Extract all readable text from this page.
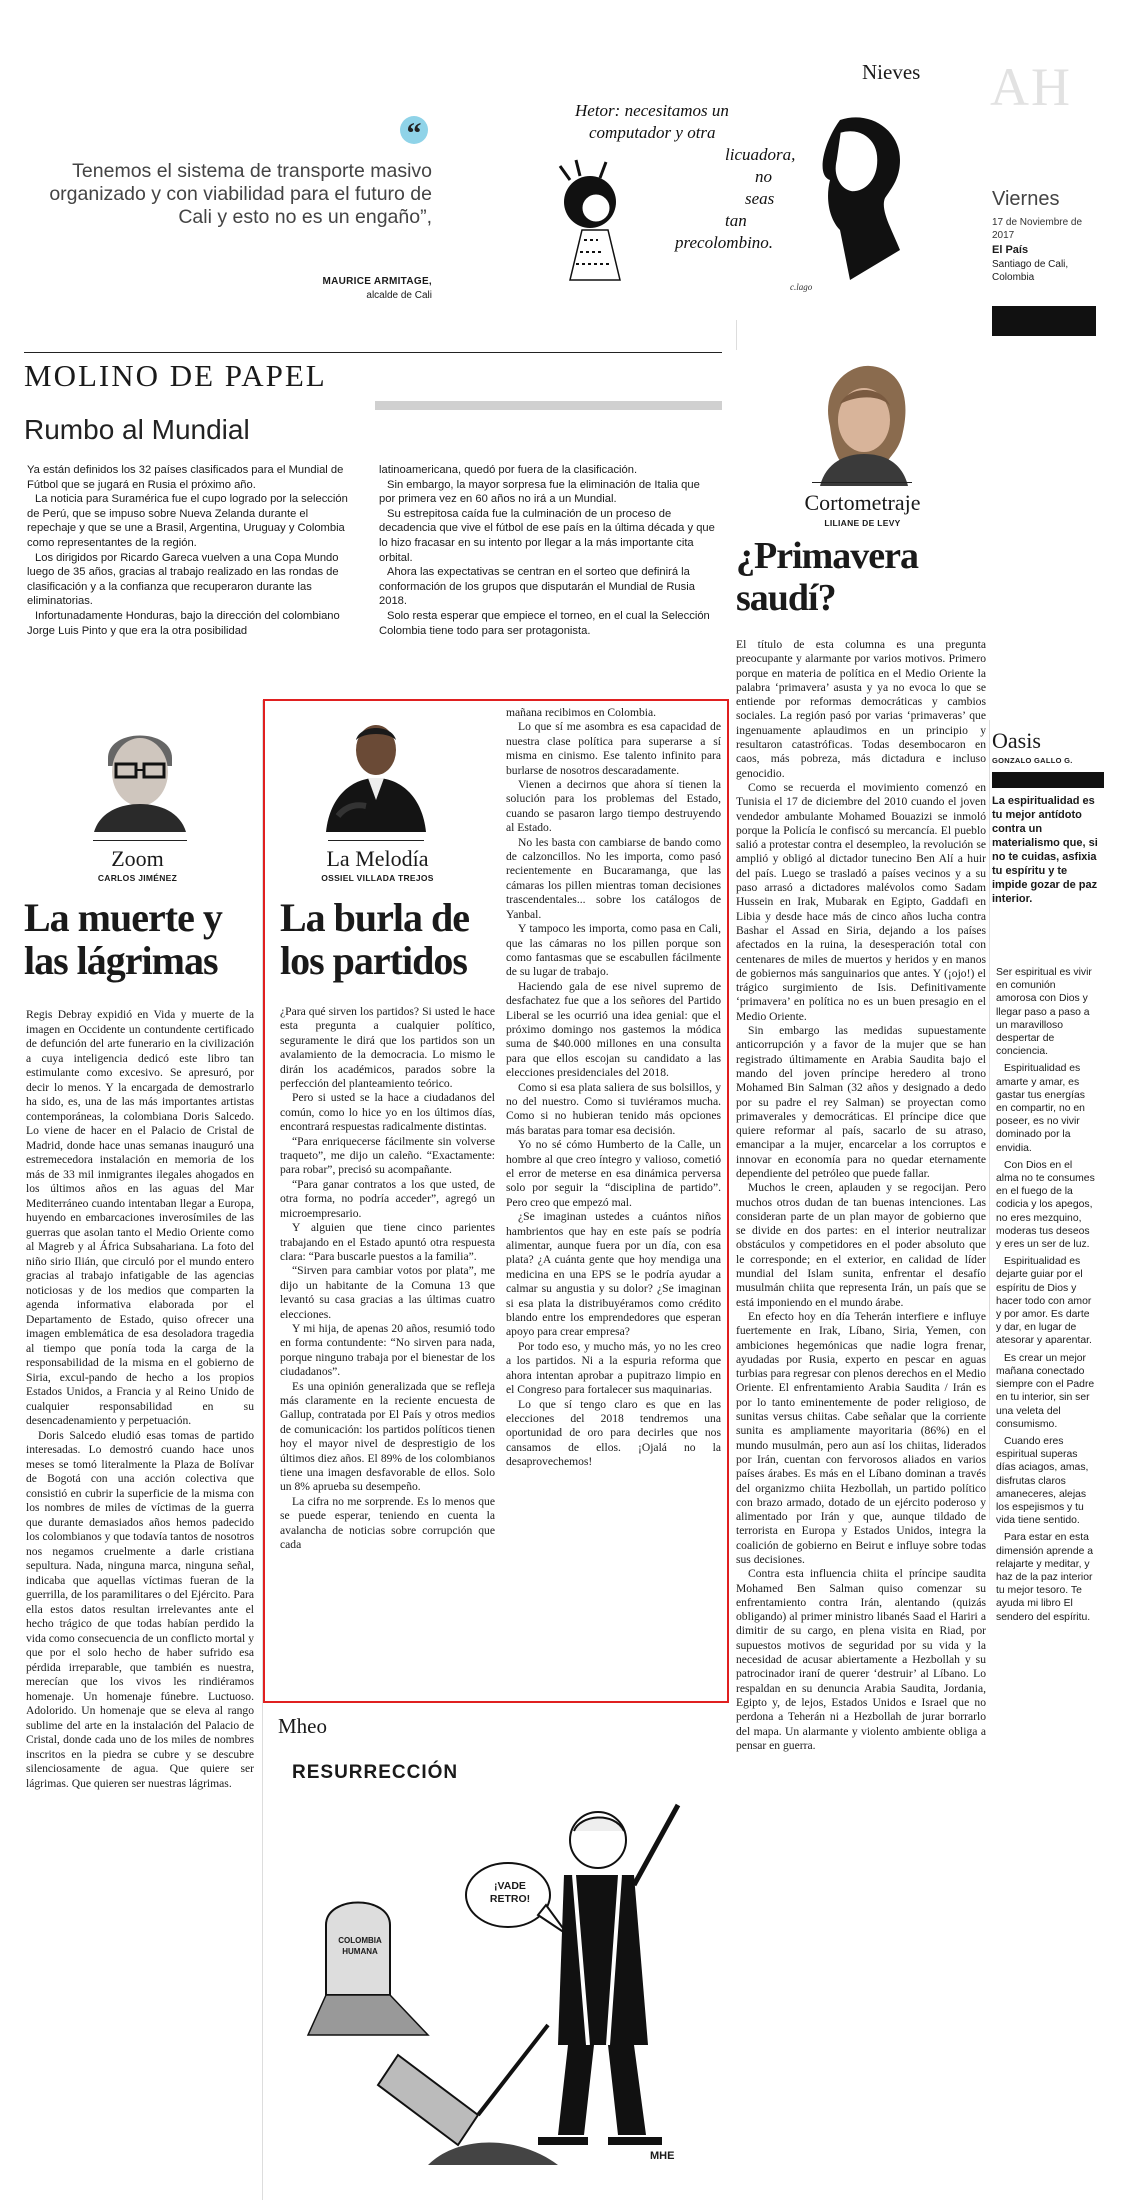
“
Tenemos el sistema de transporte masivo organizado y con viabilidad para el futuro de Cali y esto no es un engaño”,
MAURICE ARMITAGE,
alcalde de Cali
Nieves
c.lago
Hetor: necesitamos un
computador y otra
licuadora,
no
seas
tan
precolombino.
AH
Viernes
17 de Noviembre de 2017
El País
Santiago de Cali, Colombia
MOLINO DE PAPEL
Rumbo al Mundial

Ya están definidos los 32 países clasificados para el Mundial de Fútbol que se jugará en Rusia el próximo año.

La noticia para Suramérica fue el cupo logrado por la selección de Perú, que se impuso sobre Nueva Zelanda durante el repechaje y que se une a Brasil, Argentina, Uruguay y Colombia como representantes de la región.

Los dirigidos por Ricardo Gareca vuelven a una Copa Mundo luego de 35 años, gracias al trabajo realizado en las rondas de clasificación y a la confianza que recuperaron durante las eliminatorias.

Infortunadamente Honduras, bajo la dirección del colombiano Jorge Luis Pinto y que era la otra posibilidad

latinoamericana, quedó por fuera de la clasificación.

Sin embargo, la mayor sorpresa fue la eliminación de Italia que por primera vez en 60 años no irá a un Mundial.

Su estrepitosa caída fue la culminación de un proceso de decadencia que vive el fútbol de ese país en la última década y que lo hizo fracasar en su intento por llegar a la más importante cita orbital.

Ahora las expectativas se centran en el sorteo que definirá la conformación de los grupos que disputarán el Mundial de Rusia 2018.

Solo resta esperar que empiece el torneo, en el cual la Selección Colombia tiene todo para ser protagonista.

Cortometraje
LILIANE DE LEVY
¿Primavera saudí?

El título de esta columna es una pregunta preocupante y alarmante por varios motivos. Primero porque en materia de política en el Medio Oriente la palabra ‘primavera’ asusta y ya no evoca lo que se entiende por reformas democráticas y cambios sociales. La región pasó por varias ‘primaveras’ que ingenuamente aplaudimos en un principio y resultaron catastróficas. Todas desembocaron en caos, más pobreza, más dictadura e incluso genocidio.

Como se recuerda el movimiento comenzó en Tunisia el 17 de diciembre del 2010 cuando el joven vendedor ambulante Mohamed Bouazizi se inmoló porque la Policía le confiscó su mercancía. El pueblo salió a protestar contra el desempleo, la revolución se amplió y obligó al dictador tunecino Ben Alí a huir del país. Luego se trasladó a países vecinos y a su paso arrasó a dictadores malévolos como Sadam Hussein en Irak, Mubarak en Egipto, Gaddafi en Libia y desde hace más de cinco años lucha contra Bashar el Assad en Siria, dejando a los países afectados en la ruina, la desesperación total con centenares de miles de muertos y heridos y en manos de gobiernos más sanguinarios que antes. Y (¡ojo!) el trágico surgimiento de Isis. Definitivamente ‘primavera’ en política no es un buen presagio en el Medio Oriente.

Sin embargo las medidas supuestamente anticorrupción y a favor de la mujer que se han registrado últimamente en Arabia Saudita bajo el mando del joven príncipe heredero al trono Mohamed Bin Salman (32 años y designado a dedo por su padre el rey Salman) se proyectan como primaverales y democráticas. El príncipe dice que quiere reformar al país, sacarlo de su atraso, emancipar a la mujer, encarcelar a los corruptos e innovar en economía para no quedar eternamente dependiente del petróleo que puede fallar.

Muchos le creen, aplauden y se regocijan. Pero muchos otros dudan de tan buenas intenciones. Las consideran parte de un plan mayor de gobierno que se divide en dos partes: en el interior neutralizar obstáculos y competidores en el poder absoluto que le corresponde; en el exterior, en calidad de líder mundial del Islam sunita, enfrentar el desafío musulmán chiita que representa Irán, un país que se está imponiendo en el mundo árabe.

En efecto hoy en día Teherán interfiere e influye fuertemente en Irak, Líbano, Siria, Yemen, con ambiciones hegemónicas que nadie logra frenar, ayudadas por Rusia, experto en pescar en aguas turbias para regresar con plenos derechos en el Medio Oriente. El enfrentamiento Arabia Saudita / Irán es por lo tanto eminentemente de poder religioso, de sunitas versus chiitas. Cabe señalar que la corriente sunita es ampliamente mayoritaria (86%) en el mundo musulmán, pero aun así los chiitas, liderados por Irán, cuentan con fervorosos aliados en varios países árabes. Es más en el Líbano dominan a través del organizmo chiita Hezbollah, un partido político con brazo armado, dotado de un ejército poderoso y alimentado por Irán y que, aunque tildado de terrorista en Europa y Estados Unidos, integra la coalición de gobierno en Beirut e influye sobre todas sus decisiones.

Contra esta influencia chiita el príncipe saudita Mohamed Ben Salman quiso comenzar su enfrentamiento contra Irán, alentando (quizás obligando) al primer ministro libanés Saad el Hariri a dimitir de su cargo, en plena visita en Riad, por supuestos motivos de seguridad por su vida y la necesidad de acusar abiertamente a Hezbollah y su patrocinador iraní de querer ‘destruir’ al Líbano. Lo respaldan en su denuncia Arabia Saudita, Jordania, Egipto y, de lejos, Estados Unidos e Israel que no perdona a Teherán ni a Hezbollah de jurar borrarlo del mapa. Un alarmante y violento ambiente obliga a pensar en guerra.

Oasis
GONZALO GALLO G.
La espiritualidad es tu mejor antídoto contra un materialismo que, si no te cuidas, asfixia tu espíritu y te impide gozar de paz interior.

Ser espiritual es vivir en comunión amorosa con Dios y llegar paso a paso a un maravilloso despertar de conciencia.

Espiritualidad es amarte y amar, es gastar tus energías en compartir, no en poseer, es no vivir dominado por la envidia.

Con Dios en el alma no te consumes en el fuego de la codicia y los apegos, no eres mezquino, moderas tus deseos y eres un ser de luz.

Espiritualidad es dejarte guiar por el espíritu de Dios y hacer todo con amor y por amor. Es darte y dar, en lugar de atesorar y aparentar.

Es crear un mejor mañana conectado siempre con el Padre en tu interior, sin ser una veleta del consumismo.

Cuando eres espiritual superas días aciagos, amas, disfrutas claros amaneceres, alejas los espejismos y tu vida tiene sentido.

Para estar en esta dimensión aprende a relajarte y meditar, y haz de la paz interior tu mejor tesoro. Te ayuda mi libro El sendero del espíritu.

Zoom
CARLOS JIMÉNEZ
La muerte y las lágrimas

Regis Debray expidió en Vida y muerte de la imagen en Occidente un contundente certificado de defunción del arte funerario en la civilización a cuya inteligencia dedicó este libro tan estimulante como excesivo. Se apresuró, por decir lo menos. Y la encargada de demostrarlo ha sido, es, una de las más importantes artistas contemporáneas, la colombiana Doris Salcedo. Lo viene de hacer en el Palacio de Cristal de Madrid, donde hace unas semanas inauguró una estremecedora instalación en memoria de los más de 33 mil inmigrantes ilegales ahogados en los últimos años en las aguas del Mar Mediterráneo cuando intentaban llegar a Europa, huyendo en embarcaciones inverosímiles de las guerras que asolan tanto el Medio Oriente como al Magreb y al África Subsahariana. La foto del niño sirio Ilián, que circuló por el mundo entero gracias al trabajo infatigable de las agencias noticiosas y de los medios que comparten la agenda informativa elaborada por el Departamento de Estado, quiso ofrecer una imagen emblemática de esa desoladora tragedia al tiempo que ponía toda la carga de la responsabilidad de la misma en el gobierno de Siria, excul-pando de hecho a los propios Estados Unidos, a Francia y al Reino Unido de cualquier responsabilidad en su desencadenamiento y perpetuación.

Doris Salcedo eludió esas tomas de partido interesadas. Lo demostró cuando hace unos meses se tomó literalmente la Plaza de Bolívar de Bogotá con una acción colectiva que consistió en cubrir la superficie de la misma con los nombres de miles de víctimas de la guerra que durante demasiados años hemos padecido los colombianos y que todavía tantos de nosotros nos negamos cruelmente a darle cristiana sepultura. Nada, ninguna marca, ninguna señal, indicaba que aquellas víctimas fueran de la guerrilla, de los paramilitares o del Ejército. Para ella estos datos resultan irrelevantes ante el hecho trágico de que todas habían perdido la vida como consecuencia de un conflicto mortal y que por el solo hecho de haber sufrido esa pérdida irreparable, que también es nuestra, merecían que los vivos les rindiéramos homenaje. Un homenaje fúnebre. Luctuoso. Adolorido. Un homenaje que se eleva al rango sublime del arte en la instalación del Palacio de Cristal, donde cada uno de los miles de nombres inscritos en la piedra se cubre y se descubre silenciosamente de agua. Que quiere ser lágrimas. Que quieren ser nuestras lágrimas.

La Melodía
OSSIEL VILLADA TREJOS
La burla de los partidos

¿Para qué sirven los partidos? Si usted le hace esta pregunta a cualquier político, seguramente le dirá que los partidos son un avalamiento de la democracia. Lo mismo le dirán los académicos, parados sobre la perfección del planteamiento teórico.

Pero si usted se la hace a ciudadanos del común, como lo hice yo en los últimos días, encontrará respuestas radicalmente distintas.

“Para enriquecerse fácilmente sin volverse traqueto”, me dijo un caleño. “Exactamente: para robar”, precisó su acompañante.

“Para ganar contratos a los que usted, de otra forma, no podría acceder”, agregó un microempresario.

Y alguien que tiene cinco parientes trabajando en el Estado apuntó otra respuesta clara: “Para buscarle puestos a la familia”.

“Sirven para cambiar votos por plata”, me dijo un habitante de la Comuna 13 que levantó su casa gracias a las últimas cuatro elecciones.

Y mi hija, de apenas 20 años, resumió todo en forma contundente: “No sirven para nada, porque ninguno trabaja por el bienestar de los ciudadanos”.

Es una opinión generalizada que se refleja más claramente en la reciente encuesta de Gallup, contratada por El País y otros medios de comunicación: los partidos políticos tienen hoy el mayor nivel de desprestigio de los últimos diez años. El 89% de los colombianos tiene una imagen desfavorable de ellos. Solo un 8% aprueba su desempeño.

La cifra no me sorprende. Es lo menos que se puede esperar, teniendo en cuenta la avalancha de noticias sobre corrupción que cada

mañana recibimos en Colombia.

Lo que sí me asombra es esa capacidad de nuestra clase política para superarse a sí misma en cinismo. Ese talento infinito para burlarse de nosotros descaradamente.

Vienen a decirnos que ahora sí tienen la solución para los problemas del Estado, cuando se pasaron largo tiempo destruyendo al Estado.

No les basta con cambiarse de bando como de calzoncillos. No les importa, como pasó recientemente en Bucaramanga, que las cámaras los pillen mientras toman decisiones trascendentales... sobre los catálogos de Yanbal.

Y tampoco les importa, como pasa en Cali, que las cámaras no los pillen porque son como fantasmas que se escabullen fácilmente de su lugar de trabajo.

Haciendo gala de ese nivel supremo de desfachatez fue que a los señores del Partido Liberal se les ocurrió una idea genial: que el próximo domingo nos gastemos la módica suma de $40.000 millones en una consulta para que ellos escojan su candidato a las elecciones presidenciales del 2018.

Como si esa plata saliera de sus bolsillos, y no del nuestro. Como si tuviéramos mucha. Como si no hubieran tenido más opciones más baratas para tomar esa decisión.

Yo no sé cómo Humberto de la Calle, un hombre al que creo íntegro y valioso, cometió el error de meterse en esa dinámica perversa solo por seguir la “disciplina de partido”. Pero creo que empezó mal.

¿Se imaginan ustedes a cuántos niños hambrientos que hay en este país se podría alimentar, aunque fuera por un día, con esa plata? ¿A cuánta gente que hoy mendiga una medicina en una EPS se le podría ayudar a calmar su angustia y su dolor? ¿Se imaginan si esa plata la distribuyéramos como crédito blando entre los emprendedores que esperan apoyo para crear empresa?

Por todo eso, y mucho más, yo no les creo a los partidos. Ni a la espuria reforma que ahora intentan aprobar a pupitrazo limpio en el Congreso para fortalecer sus maquinarias.

Lo que sí tengo claro es que en las elecciones del 2018 tendremos una oportunidad de oro para decirles que nos cansamos de ellos. ¡Ojalá no la desaprovechemos!

Mheo
RESURRECCIÓN
¡VADE RETRO!
COLOMBIA HUMANA
MHE
